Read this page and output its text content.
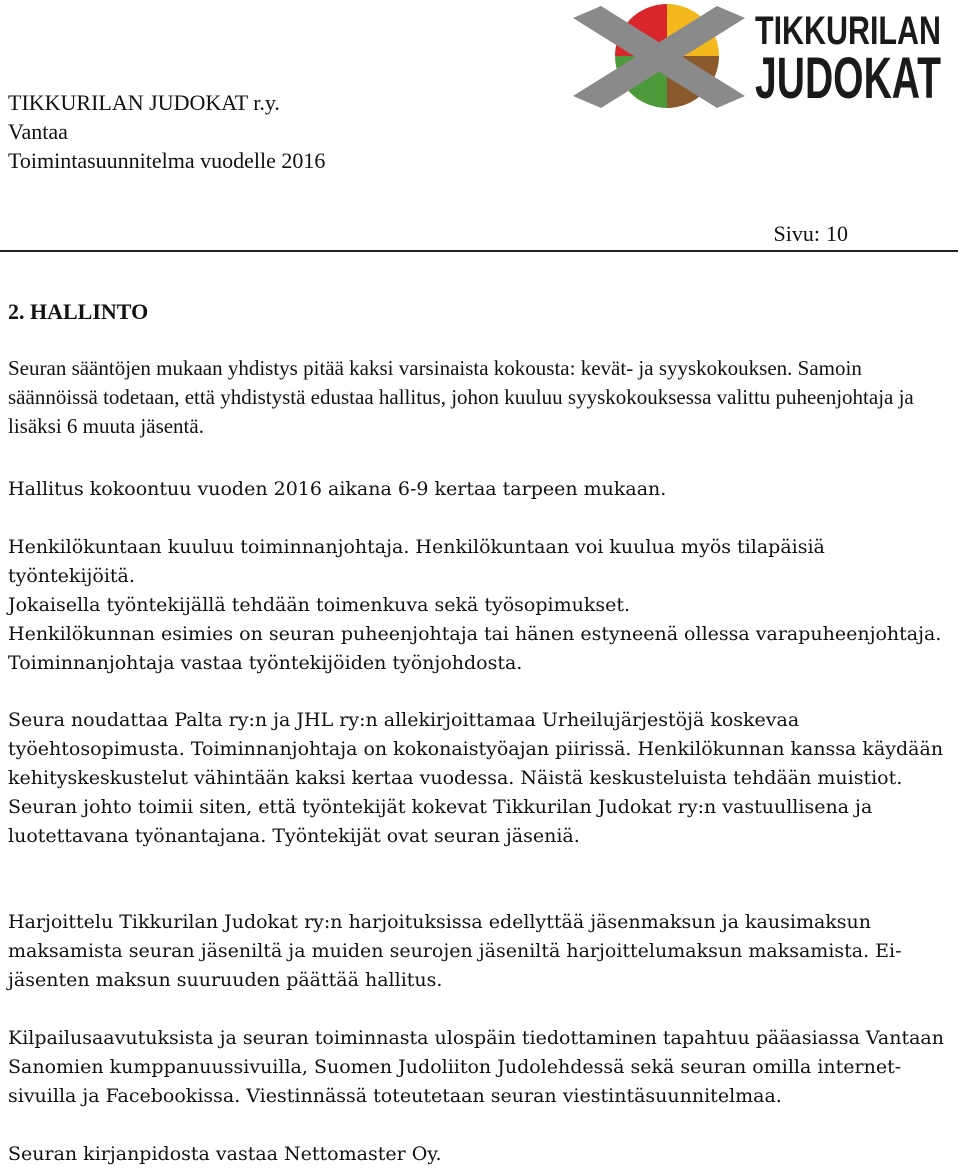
TIKKURILAN JUDOKAT r.y.
Vantaa
Toimintasuunnitelma vuodelle 2016
TIKKURILAN
JUDOKAT
Sivu: 10
2. HALLINTO

Seuran sääntöjen mukaan yhdistys pitää kaksi varsinaista kokousta: kevät- ja syyskokouksen. Samoin säännöissä todetaan, että yhdistystä edustaa hallitus, johon kuuluu syyskokouksessa valittu puheenjohtaja ja lisäksi 6 muuta jäsentä.

Hallitus kokoontuu vuoden 2016 aikana 6-9 kertaa tarpeen mukaan.

Henkilökuntaan kuuluu toiminnanjohtaja. Henkilökuntaan voi kuulua myös tilapäisiä työntekijöitä.

Jokaisella työntekijällä tehdään toimenkuva sekä työsopimukset.

Henkilökunnan esimies on seuran puheenjohtaja tai hänen estyneenä ollessa varapuheenjohtaja. Toiminnanjohtaja vastaa työntekijöiden työnjohdosta.

Seura noudattaa Palta ry:n ja JHL ry:n allekirjoittamaa Urheilujärjestöjä koskevaa työehtosopimusta. Toiminnanjohtaja on kokonaistyöajan piirissä. Henkilökunnan kanssa käydään kehityskeskustelut vähintään kaksi kertaa vuodessa. Näistä keskusteluista tehdään muistiot.

Seuran johto toimii siten, että työntekijät kokevat Tikkurilan Judokat ry:n vastuullisena ja luotettavana työnantajana. Työntekijät ovat seuran jäseniä.

Harjoittelu Tikkurilan Judokat ry:n harjoituksissa edellyttää jäsenmaksun ja kausimaksun maksamista seuran jäseniltä ja muiden seurojen jäseniltä harjoittelumaksun maksamista. Ei-jäsenten maksun suuruuden päättää hallitus.

Kilpailusaavutuksista ja seuran toiminnasta ulospäin tiedottaminen tapahtuu pääasiassa Vantaan Sanomien kumppanuussivuilla, Suomen Judoliiton Judolehdessä sekä seuran omilla internet-sivuilla ja Facebookissa. Viestinnässä toteutetaan seuran viestintäsuunnitelmaa.

Seuran kirjanpidosta vastaa Nettomaster Oy.
